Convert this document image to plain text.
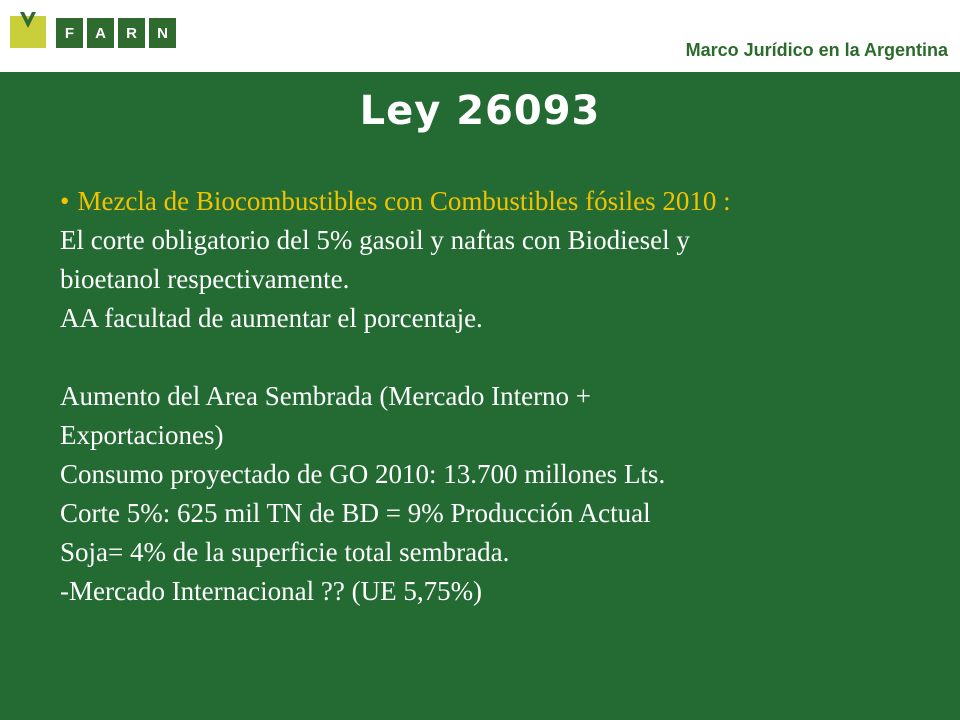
F	A	R	N
Marco Jurídico en la Argentina
Ley 26093
• Mezcla de Biocombustibles con Combustibles fósiles 2010 :
El corte obligatorio del 5% gasoil y naftas con Biodiesel y
bioetanol respectivamente.
AA facultad de aumentar el porcentaje.
Aumento del Area Sembrada (Mercado Interno +
Exportaciones)
Consumo proyectado de GO 2010: 13.700 millones Lts.
Corte 5%: 625 mil TN de BD = 9% Producción Actual
Soja= 4% de la superficie total sembrada.
-Mercado Internacional ?? (UE 5,75%)
